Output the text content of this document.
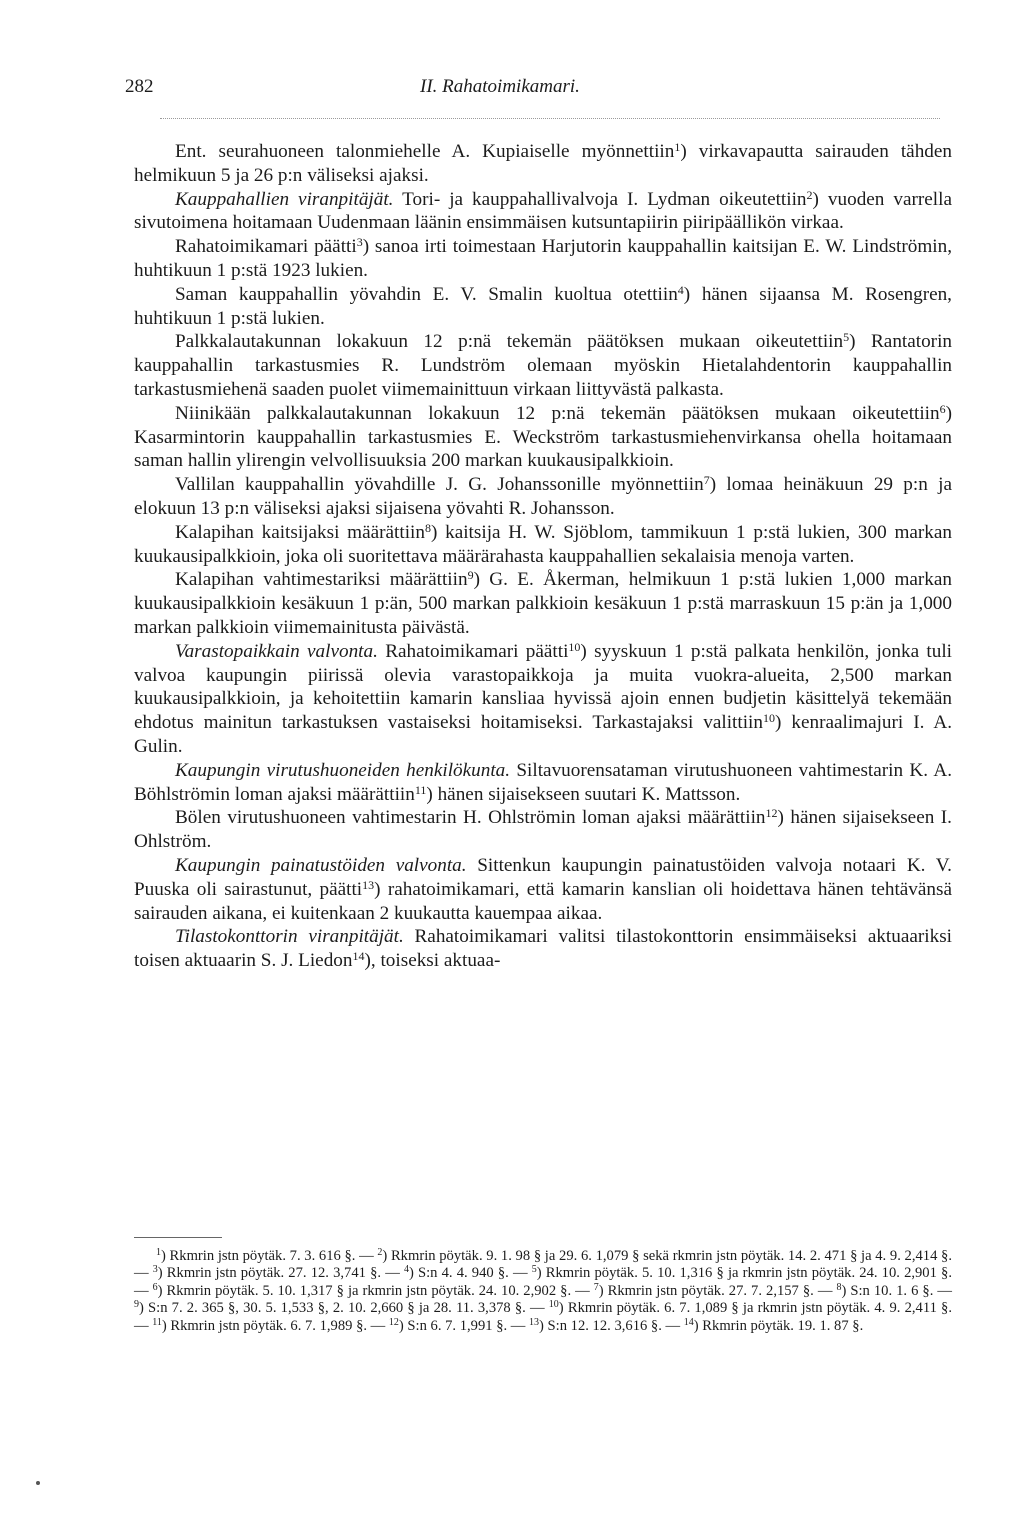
282	II. Rahatoimikamari.

Ent. seurahuoneen talonmiehelle A. Kupiaiselle myönnettiin$^1$) virkavapautta sairauden tähden helmikuun 5 ja 26 p:n väliseksi ajaksi.

Kauppahallien viranpitäjät. Tori- ja kauppahallivalvoja I. Lydman oikeutettiin$^2$) vuoden varrella sivutoimena hoitamaan Uudenmaan läänin ensimmäisen kutsuntapiirin piiripäällikön virkaa.

Rahatoimikamari päätti$^3$) sanoa irti toimestaan Harjutorin kauppahallin kaitsijan E. W. Lindströmin, huhtikuun 1 p:stä 1923 lukien.

Saman kauppahallin yövahdin E. V. Smalin kuoltua otettiin$^4$) hänen sijaansa M. Rosengren, huhtikuun 1 p:stä lukien.

Palkkalautakunnan lokakuun 12 p:nä tekemän päätöksen mukaan oikeutettiin$^5$) Rantatorin kauppahallin tarkastusmies R. Lundström olemaan myöskin Hietalahdentorin kauppahallin tarkastusmiehenä saaden puolet viimemainittuun virkaan liittyvästä palkasta.

Niinikään palkkalautakunnan lokakuun 12 p:nä tekemän päätöksen mukaan oikeutettiin$^6$) Kasarmintorin kauppahallin tarkastusmies E. Weckström tarkastusmiehenvirkansa ohella hoitamaan saman hallin ylirengin velvollisuuksia 200 markan kuukausipalkkioin.

Vallilan kauppahallin yövahdille J. G. Johanssonille myönnettiin$^7$) lomaa heinäkuun 29 p:n ja elokuun 13 p:n väliseksi ajaksi sijaisena yövahti R. Johansson.

Kalapihan kaitsijaksi määrättiin$^8$) kaitsija H. W. Sjöblom, tammikuun 1 p:stä lukien, 300 markan kuukausipalkkioin, joka oli suoritettava määrärahasta kauppahallien sekalaisia menoja varten.

Kalapihan vahtimestariksi määrättiin$^9$) G. E. Åkerman, helmikuun 1 p:stä lukien 1,000 markan kuukausipalkkioin kesäkuun 1 p:än, 500 markan palkkioin kesäkuun 1 p:stä marraskuun 15 p:än ja 1,000 markan palkkioin viimemainitusta päivästä.

Varastopaikkain valvonta. Rahatoimikamari päätti$^{10}$) syyskuun 1 p:stä palkata henkilön, jonka tuli valvoa kaupungin piirissä olevia varastopaikkoja ja muita vuokra-alueita, 2,500 markan kuukausipalkkioin, ja kehoitettiin kamarin kansliaa hyvissä ajoin ennen budjetin käsittelyä tekemään ehdotus mainitun tarkastuksen vastaiseksi hoitamiseksi. Tarkastajaksi valittiin$^{10}$) kenraalimajuri I. A. Gulin.

Kaupungin virutushuoneiden henkilökunta. Siltavuorensataman virutushuoneen vahtimestarin K. A. Böhlströmin loman ajaksi määrättiin$^{11}$) hänen sijaisekseen suutari K. Mattsson.

Bölen virutushuoneen vahtimestarin H. Ohlströmin loman ajaksi määrättiin$^{12}$) hänen sijaisekseen I. Ohlström.

Kaupungin painatustöiden valvonta. Sittenkun kaupungin painatustöiden valvoja notaari K. V. Puuska oli sairastunut, päätti$^{13}$) rahatoimikamari, että kamarin kanslian oli hoidettava hänen tehtävänsä sairauden aikana, ei kuitenkaan 2 kuukautta kauempaa aikaa.

Tilastokonttorin viranpitäjät. Rahatoimikamari valitsi tilastokonttorin ensimmäiseksi aktuaariksi toisen aktuaarin S. J. Liedon$^{14}$), toiseksi aktuaa-

$^1$) Rkmrin jstn pöytäk. 7. 3. 616 §. — $^2$) Rkmrin pöytäk. 9. 1. 98 § ja 29. 6. 1,079 § sekä rkmrin jstn pöytäk. 14. 2. 471 § ja 4. 9. 2,414 §. — $^3$) Rkmrin jstn pöytäk. 27. 12. 3,741 §. — $^4$) S:n 4. 4. 940 §. — $^5$) Rkmrin pöytäk. 5. 10. 1,316 § ja rkmrin jstn pöytäk. 24. 10. 2,901 §. — $^6$) Rkmrin pöytäk. 5. 10. 1,317 § ja rkmrin jstn pöytäk. 24. 10. 2,902 §. — $^7$) Rkmrin jstn pöytäk. 27. 7. 2,157 §. — $^8$) S:n 10. 1. 6 §. — $^9$) S:n 7. 2. 365 §, 30. 5. 1,533 §, 2. 10. 2,660 § ja 28. 11. 3,378 §. — $^{10}$) Rkmrin pöytäk. 6. 7. 1,089 § ja rkmrin jstn pöytäk. 4. 9. 2,411 §. — $^{11}$) Rkmrin jstn pöytäk. 6. 7. 1,989 §. — $^{12}$) S:n 6. 7. 1,991 §. — $^{13}$) S:n 12. 12. 3,616 §. — $^{14}$) Rkmrin pöytäk. 19. 1. 87 §.
